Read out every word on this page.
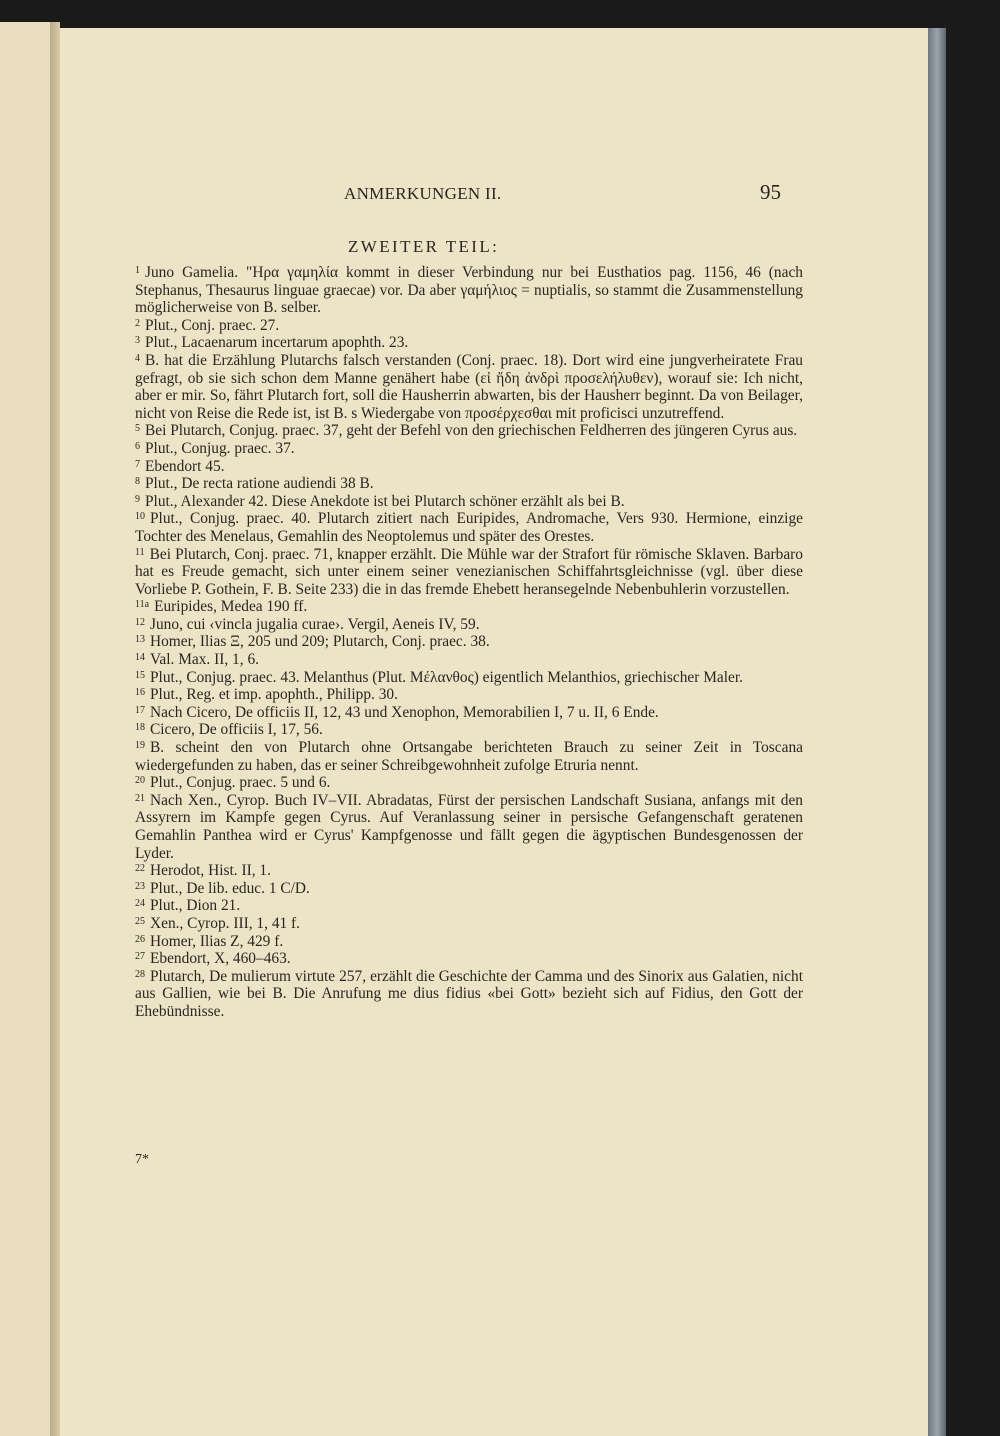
ANMERKUNGEN II.	95
ZWEITER TEIL:

$^1$ Juno Gamelia. "Ηρα γαμηλία kommt in dieser Verbindung nur bei Eusthatios pag. 1156, 46 (nach Stephanus, Thesaurus linguae graecae) vor. Da aber γαμήλιος = nuptialis, so stammt die Zusammenstellung möglicherweise von B. selber.

$^2$ Plut., Conj. praec. 27.

$^3$ Plut., Lacaenarum incertarum apophth. 23.

$^4$ B. hat die Erzählung Plutarchs falsch verstanden (Conj. praec. 18). Dort wird eine jungverheiratete Frau gefragt, ob sie sich schon dem Manne genähert habe (εἰ ἤδη ἀνδρὶ προσελήλυθεν), worauf sie: Ich nicht, aber er mir. So, fährt Plutarch fort, soll die Hausherrin abwarten, bis der Hausherr beginnt. Da von Beilager, nicht von Reise die Rede ist, ist B. s Wiedergabe von προσέρχεσθαι mit proficisci unzutreffend.

$^5$ Bei Plutarch, Conjug. praec. 37, geht der Befehl von den griechischen Feldherren des jüngeren Cyrus aus.

$^6$ Plut., Conjug. praec. 37.

$^7$ Ebendort 45.

$^8$ Plut., De recta ratione audiendi 38 B.

$^9$ Plut., Alexander 42. Diese Anekdote ist bei Plutarch schöner erzählt als bei B.

$^{10}$ Plut., Conjug. praec. 40. Plutarch zitiert nach Euripides, Andromache, Vers 930. Hermione, einzige Tochter des Menelaus, Gemahlin des Neoptolemus und später des Orestes.

$^{11}$ Bei Plutarch, Conj. praec. 71, knapper erzählt. Die Mühle war der Strafort für römische Sklaven. Barbaro hat es Freude gemacht, sich unter einem seiner venezianischen Schiffahrtsgleichnisse (vgl. über diese Vorliebe P. Gothein, F. B. Seite 233) die in das fremde Ehebett heransegelnde Nebenbuhlerin vorzustellen.

$^{11a}$ Euripides, Medea 190 ff.

$^{12}$ Juno, cui ‹vincla jugalia curae›. Vergil, Aeneis IV, 59.

$^{13}$ Homer, Ilias Ξ, 205 und 209; Plutarch, Conj. praec. 38.

$^{14}$ Val. Max. II, 1, 6.

$^{15}$ Plut., Conjug. praec. 43. Melanthus (Plut. Μέλανθος) eigentlich Melanthios, griechischer Maler.

$^{16}$ Plut., Reg. et imp. apophth., Philipp. 30.

$^{17}$ Nach Cicero, De officiis II, 12, 43 und Xenophon, Memorabilien I, 7 u. II, 6 Ende.

$^{18}$ Cicero, De officiis I, 17, 56.

$^{19}$ B. scheint den von Plutarch ohne Ortsangabe berichteten Brauch zu seiner Zeit in Toscana wiedergefunden zu haben, das er seiner Schreibgewohnheit zufolge Etruria nennt.

$^{20}$ Plut., Conjug. praec. 5 und 6.

$^{21}$ Nach Xen., Cyrop. Buch IV–VII. Abradatas, Fürst der persischen Landschaft Susiana, anfangs mit den Assyrern im Kampfe gegen Cyrus. Auf Veranlassung seiner in persische Gefangenschaft geratenen Gemahlin Panthea wird er Cyrus' Kampfgenosse und fällt gegen die ägyptischen Bundesgenossen der Lyder.

$^{22}$ Herodot, Hist. II, 1.

$^{23}$ Plut., De lib. educ. 1 C/D.

$^{24}$ Plut., Dion 21.

$^{25}$ Xen., Cyrop. III, 1, 41 f.

$^{26}$ Homer, Ilias Z, 429 f.

$^{27}$ Ebendort, X, 460–463.

$^{28}$ Plutarch, De mulierum virtute 257, erzählt die Geschichte der Camma und des Sinorix aus Galatien, nicht aus Gallien, wie bei B. Die Anrufung me dius fidius «bei Gott» bezieht sich auf Fidius, den Gott der Ehebündnisse.

7*
